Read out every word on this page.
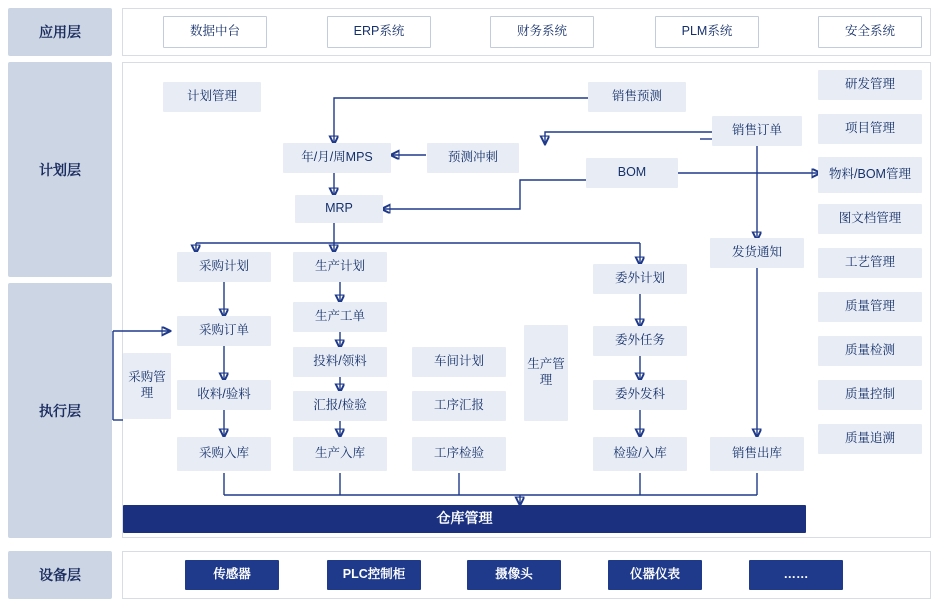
应用层
计划层
执行层
设备层
数据中台	ERP系统	财务系统	PLM系统	安全系统
计划管理	销售预测
销售订单
年/月/周MPS	预测冲刺
BOM
MRP
采购计划	生产计划
委外计划
发货通知
生产工单
委外任务
采购订单
投料/领料	车间计划
委外发科
采购管理	收料/验料
汇报/检验	工序汇报
生产管理
采购入库	生产入库	工序检验	检验/入库	销售出库
仓库管理
研发管理
项目管理
物料/BOM管理
图文档管理
工艺管理
质量管理
质量检测
质量控制
质量追溯
传感器	PLC控制柜	摄像头	仪器仪表	……
